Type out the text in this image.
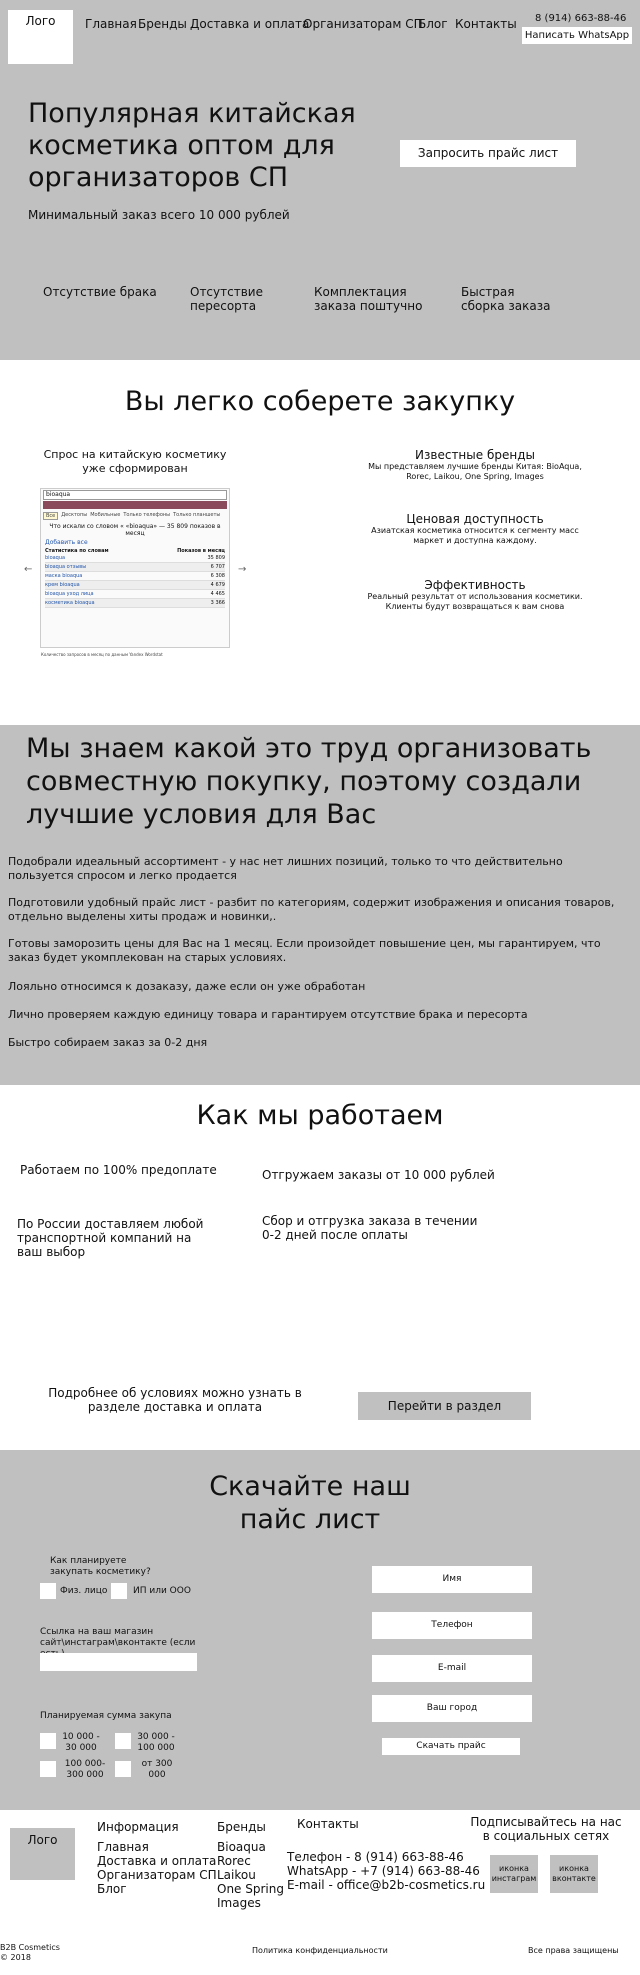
Лого	Главная Бренды Доставка и оплата
Организаторам СП
Блог Контакты 8 (914) 663-88-46
Написать WhatsApp
Популярная китайская косметика оптом для организаторов СП
Минимальный заказ всего 10 000 рублей
Запросить прайс лист
Отсутствие брака	Отсутствие пересорта
Комплектация заказа поштучно
Быстрая сборка заказа
Вы легко соберете закупку
Спрос на китайскую косметику уже сформирован
←	→
bioaqua
Все	Десктопы Мобильные Только телефоны Только планшеты
Что искали со словом « «bioaqua» — 35 809 показов в месяц
Добавить все
Статистика по словам	Показов в месяц
bioaqua	35 809
bioaqua отзывы	6 707
маска bioaqua	6 308
крем bioaqua	4 679
bioaqua уход лица	4 465
косметика bioaqua	3 366
Количество запросов в месяц по данным Yandex Wordstat
Известные бренды
Мы представляем лучшие бренды Китая: BioAqua, Rorec, Laikou, One Spring, Images
Ценовая доступность
Азиатская косметика относится к сегменту масс маркет и доступна каждому.
Эффективность
Реальный результат от использования косметики. Клиенты будут возвращаться к вам снова
Мы знаем какой это труд организовать совместную покупку, поэтому создали лучшие условия для Вас
Подобрали идеальный ассортимент - у нас нет лишних позиций, только то что действительно пользуется спросом и легко продается
Подготовили удобный прайс лист - разбит по категориям, содержит изображения и описания товаров, отдельно выделены хиты продаж и новинки,.
Готовы заморозить цены для Вас на 1 месяц. Если произойдет повышение цен, мы гарантируем, что заказ будет укомплекован на старых условиях.
Лояльно относимся к дозаказу, даже если он уже обработан
Лично проверяем каждую единицу товара и гарантируем отсутствие брака и пересорта
Быстро собираем заказ за 0-2 дня
Как мы работаем
Работаем по 100% предоплате	Отгружаем заказы от 10 000 рублей
По России доставляем любой транспортной компаний на ваш выбор
Сбор и отгрузка заказа в течении 0-2 дней после оплаты
Подробнее об условиях можно узнать в разделе доставка и оплата	Перейти в раздел
Скачайте наш пайс лист
Как планируете закупать косметику?
Физ. лицо	ИП или ООО
Ссылка на ваш магазин сайт\инстаграм\вконтакте (если
Планируемая сумма закупа
10 000 - 30 000
30 000 - 100 000
100 000- 300 000
от 300 000
Имя
Телефон
E-mail
Ваш город
Скачать прайс
Лого
Информация
Главная
Доставка и оплата
Организаторам СП
Блог
Бренды
Bioaqua
Rorec
Laikou
One Spring
Images
Контакты
Телефон - 8 (914) 663-88-46
WhatsApp - +7 (914) 663-88-46
E-mail - office@b2b-cosmetics.ru
Подписывайтесь на нас в социальных сетях
иконка инстаграм
иконка вконтакте
B2B Cosmetics
© 2018
Политика конфиденциальности	Все права защищены
